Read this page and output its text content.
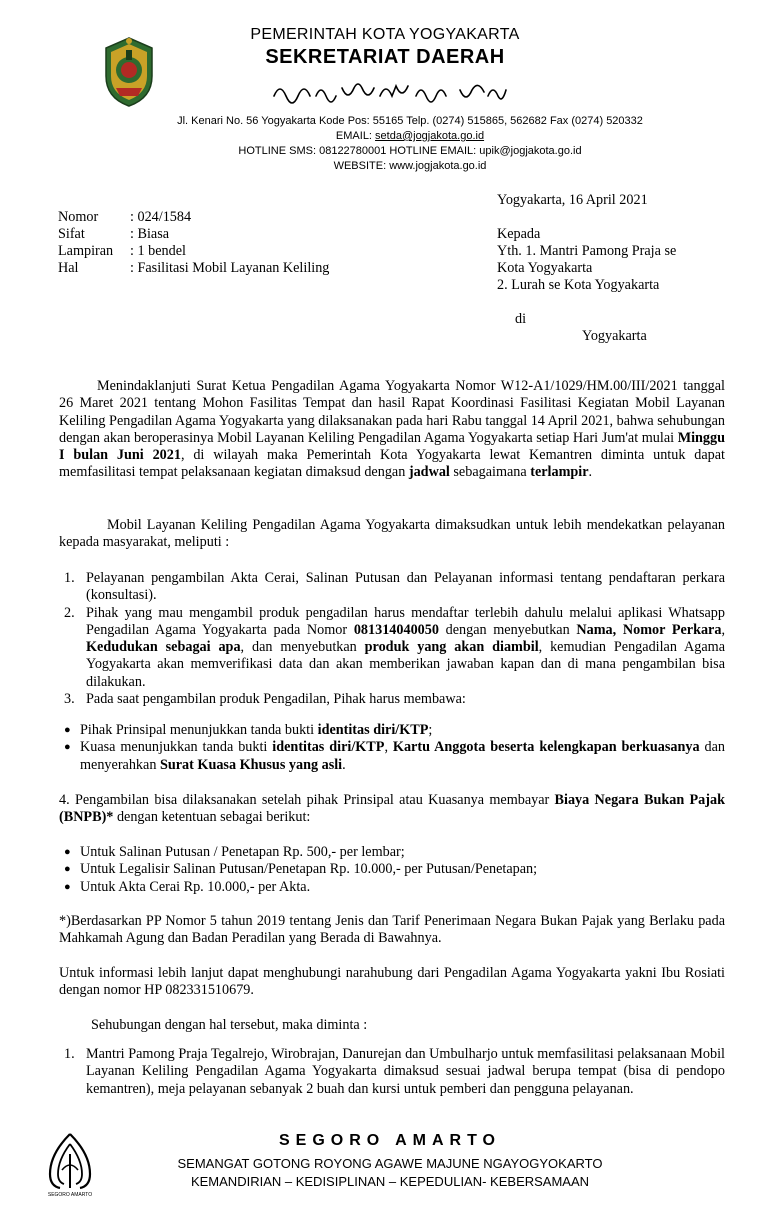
PEMERINTAH KOTA YOGYAKARTA
SEKRETARIAT DAERAH
Jl. Kenari No. 56 Yogyakarta Kode Pos: 55165 Telp. (0274) 515865, 562682 Fax (0274) 520332
EMAIL: setda@jogjakota.go.id
HOTLINE SMS: 08122780001 HOTLINE EMAIL: upik@jogjakota.go.id
WEBSITE: www.jogjakota.go.id
Yogyakarta, 16 April 2021
Nomor : 024/1584
Sifat	: Biasa
Lampiran : 1 bendel
Hal	: Fasilitasi Mobil Layanan Keliling
Kepada
Yth. 1. Mantri Pamong Praja se
Kota Yogyakarta
2. Lurah se Kota Yogyakarta
di
Yogyakarta
Menindaklanjuti Surat Ketua Pengadilan Agama Yogyakarta Nomor W12-A1/1029/HM.00/III/2021 tanggal 26 Maret 2021 tentang Mohon Fasilitas Tempat dan hasil Rapat Koordinasi Fasilitasi Kegiatan Mobil Layanan Keliling Pengadilan Agama Yogyakarta yang dilaksanakan pada hari Rabu tanggal 14 April 2021, bahwa sehubungan dengan akan beroperasinya Mobil Layanan Keliling Pengadilan Agama Yogyakarta setiap Hari Jum'at mulai Minggu I bulan Juni 2021, di wilayah maka Pemerintah Kota Yogyakarta lewat Kemantren diminta untuk dapat memfasilitasi tempat pelaksanaan kegiatan dimaksud dengan jadwal sebagaimana terlampir.
Mobil Layanan Keliling Pengadilan Agama Yogyakarta dimaksudkan untuk lebih mendekatkan pelayanan kepada masyarakat, meliputi :
1. Pelayanan pengambilan Akta Cerai, Salinan Putusan dan Pelayanan informasi tentang pendaftaran perkara (konsultasi).
2. Pihak yang mau mengambil produk pengadilan harus mendaftar terlebih dahulu melalui aplikasi Whatsapp Pengadilan Agama Yogyakarta pada Nomor 081314040050 dengan menyebutkan Nama, Nomor Perkara, Kedudukan sebagai apa, dan menyebutkan produk yang akan diambil, kemudian Pengadilan Agama Yogyakarta akan memverifikasi data dan akan memberikan jawaban kapan dan di mana pengambilan bisa dilakukan.
3. Pada saat pengambilan produk Pengadilan, Pihak harus membawa:
● Pihak Prinsipal menunjukkan tanda bukti identitas diri/KTP;
● Kuasa menunjukkan tanda bukti identitas diri/KTP, Kartu Anggota beserta kelengkapan berkuasanya dan menyerahkan Surat Kuasa Khusus yang asli.
4. Pengambilan bisa dilaksanakan setelah pihak Prinsipal atau Kuasanya membayar Biaya Negara Bukan Pajak (BNPB)* dengan ketentuan sebagai berikut:
● Untuk Salinan Putusan / Penetapan Rp. 500,- per lembar;
● Untuk Legalisir Salinan Putusan/Penetapan Rp. 10.000,- per Putusan/Penetapan;
● Untuk Akta Cerai Rp. 10.000,- per Akta.
*)Berdasarkan PP Nomor 5 tahun 2019 tentang Jenis dan Tarif Penerimaan Negara Bukan Pajak yang Berlaku pada Mahkamah Agung dan Badan Peradilan yang Berada di Bawahnya.
Untuk informasi lebih lanjut dapat menghubungi narahubung dari Pengadilan Agama Yogyakarta yakni Ibu Rosiati dengan nomor HP 082331510679.
Sehubungan dengan hal tersebut, maka diminta :
1. Mantri Pamong Praja Tegalrejo, Wirobrajan, Danurejan dan Umbulharjo untuk memfasilitasi pelaksanaan Mobil Layanan Keliling Pengadilan Agama Yogyakarta dimaksud sesuai jadwal berupa tempat (bisa di pendopo kemantren), meja pelayanan sebanyak 2 buah dan kursi untuk pemberi dan pengguna pelayanan.
SEGORO AMARTO
SEGORO AMARTO
SEMANGAT GOTONG ROYONG AGAWE MAJUNE NGAYOGYOKARTO
KEMANDIRIAN – KEDISIPLINAN – KEPEDULIAN- KEBERSAMAAN
